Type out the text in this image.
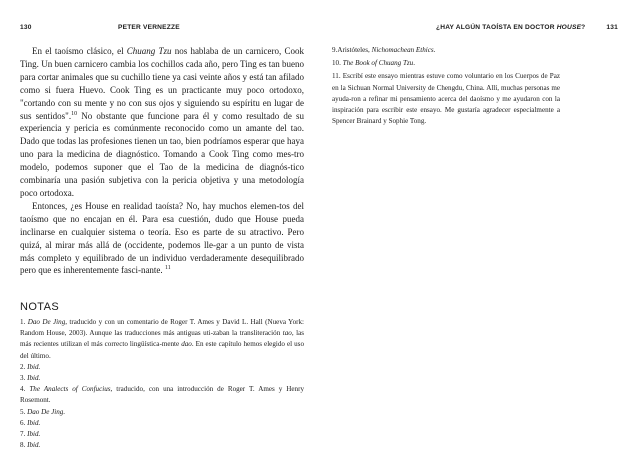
130	PETER VERNEZZE

En el taoísmo clásico, el Chuang Tzu nos hablaba de un carnicero, Cook Ting. Un buen carnicero cambia los cochillos cada año, pero Ting es tan bueno para cortar animales que su cuchillo tiene ya casi veinte años y está tan afilado como si fuera Huevo. Cook Ting es un practicante muy poco ortodoxo, "cortando con su mente y no con sus ojos y siguiendo su espíritu en lugar de sus sentidos".$^{10}$ No obstante que funcione para él y como resultado de su experiencia y pericia es comúnmente reconocido como un amante del tao. Dado que todas las profesiones tienen un tao, bien podríamos esperar que haya uno para la medicina de diagnóstico. Tomando a Cook Ting como mes-tro modelo, podemos suponer que el Tao de la medicina de diagnós-tico combinaría una pasión subjetiva con la pericia objetiva y una metodología poco ortodoxa.

Entonces, ¿es House en realidad taoísta? No, hay muchos elemen-tos del taoísmo que no encajan en él. Para esa cuestión, dudo que House pueda inclinarse en cualquier sistema o teoría. Eso es parte de su atractivo. Pero quizá, al mirar más allá de (occidente, podemos lle-gar a un punto de vista más completo y equilibrado de un individuo verdaderamente desequilibrado pero que es inherentemente fasci-nante. $^{11}$

NOTAS

1. Dao De Jing, traducido y con un comentario de Roger T. Ames y David L. Hall (Nueva York: Random House, 2003). Aunque las traducciones más antiguas uti-zaban la transliteración tao, las más recientes utilizan el más correcto lingüística-mente dao. En este capítulo hemos elegido el uso del último.

2. Ibid.

3. Ibid.

4. The Analects of Confucius, traducido, con una introducción de Roger T. Ames y Henry Rosemont.

5. Dao De Jing.

6. Ibid.

7. Ibid.

8. Ibid.

¿HAY ALGÚN TAOÍSTA EN DOCTOR HOUSE?	131

9.Aristóteles, Nichomachean Ethics.

10. The Book of Chuang Tzu.

11. Escribí este ensayo mientras estuve como voluntario en los Cuerpos de Paz en la Sichuan Normal University de Chengdu, China. Allí, muchas personas me ayuda-ron a refinar mi pensamiento acerca del daoísmo y me ayudaron con la inspiración para escribir este ensayo. Me gustaría agradecer especialmente a Spencer Brainard y Sophie Tong.
